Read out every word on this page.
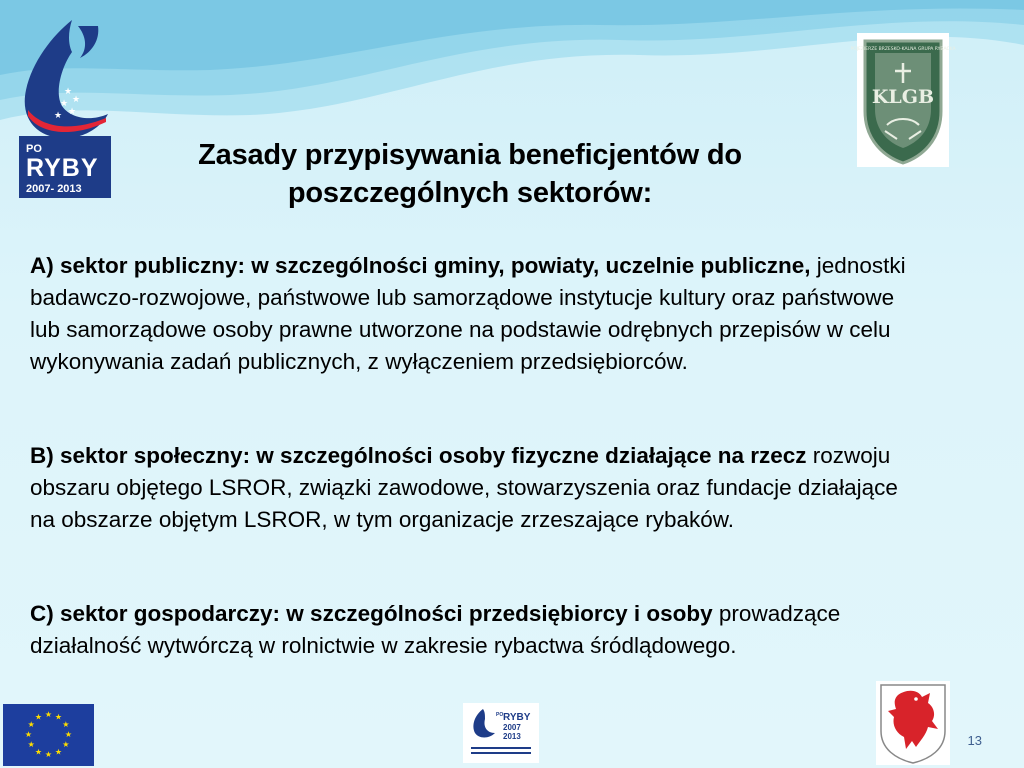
★
★
★
★
★
PO
RYBY
2007- 2013
KLGB
POJEZIERZE BRZESKO-KALNA GRUPA RYBACKA
Zasady przypisywania beneficjentów do
poszczególnych sektorów:

A) sektor publiczny: w szczególności gminy, powiaty, uczelnie publiczne, jednostki badawczo-rozwojowe, państwowe lub samorządowe instytucje kultury oraz państwowe lub samorządowe osoby prawne utworzone na podstawie odrębnych przepisów w celu wykonywania zadań publicznych, z wyłączeniem przedsiębiorców.

B) sektor społeczny: w szczególności osoby fizyczne działające na rzecz rozwoju obszaru objętego LSROR, związki zawodowe, stowarzyszenia oraz fundacje działające na obszarze objętym LSROR, w tym organizacje zrzeszające rybaków.

C) sektor gospodarczy: w szczególności przedsiębiorcy i osoby prowadzące działalność wytwórczą w rolnictwie w zakresie rybactwa śródlądowego.

★ ★
★
★
★
★
★
★
★
★
★
★	PO RYBY
2007
2013	13
